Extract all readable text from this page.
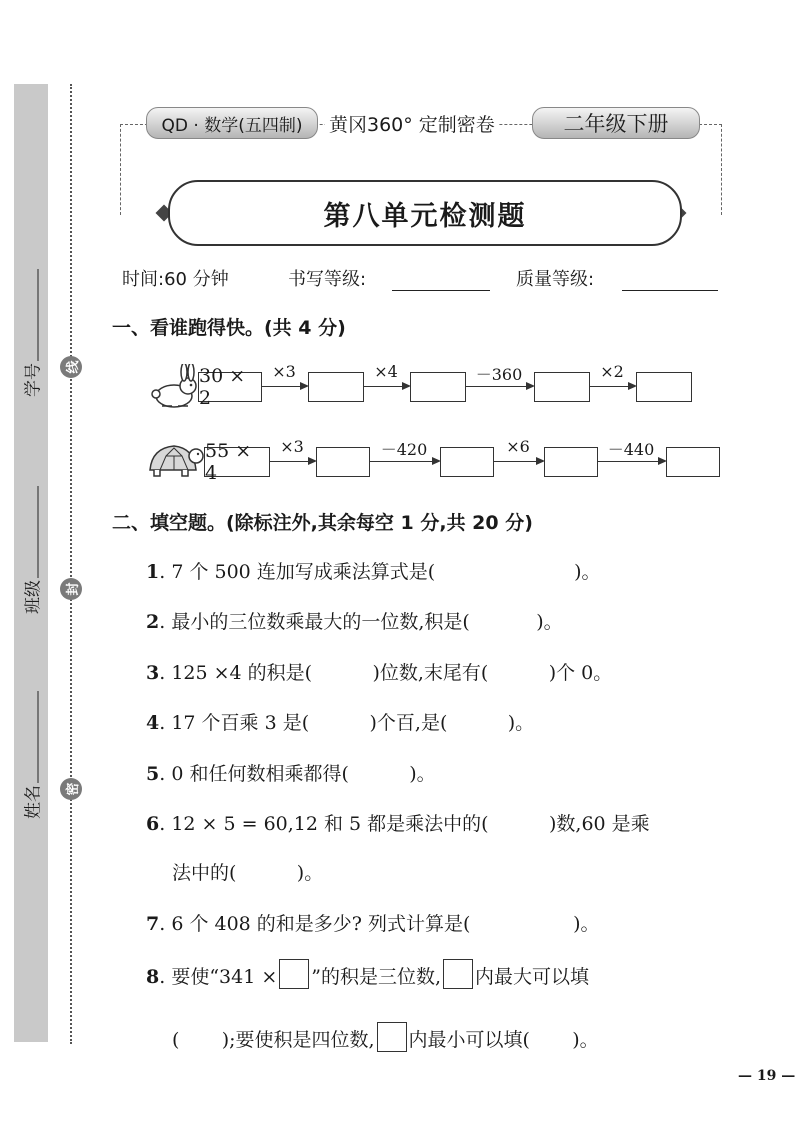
学号
班级
姓名
线
封
密
QD · 数学(五四制)	黄冈360° 定制密卷	二年级下册
第八单元检测题
时间:60 分钟	书写等级:	质量等级:
一、看谁跑得快。(共 4 分)
30 × 2
×3	×4	－360	×2
55 × 4
×3	－420	×6	－440
二、填空题。(除标注外,其余每空 1 分,共 20 分)
1. 7 个 500 连加写成乘法算式是(                       )。
2. 最小的三位数乘最大的一位数,积是(           )。
3. 125 ×4 的积是(          )位数,末尾有(          )个 0。
4. 17 个百乘 3 是(          )个百,是(          )。
5. 0 和任何数相乘都得(          )。
6. 12 × 5 = 60,12 和 5 都是乘法中的(          )数,60 是乘
法中的(          )。
7. 6 个 408 的和是多少? 列式计算是(                 )。
8. 要使“341 × ”的积是三位数, 内最大可以填
(       );要使积是四位数, 内最小可以填(       )。
— 19 —
